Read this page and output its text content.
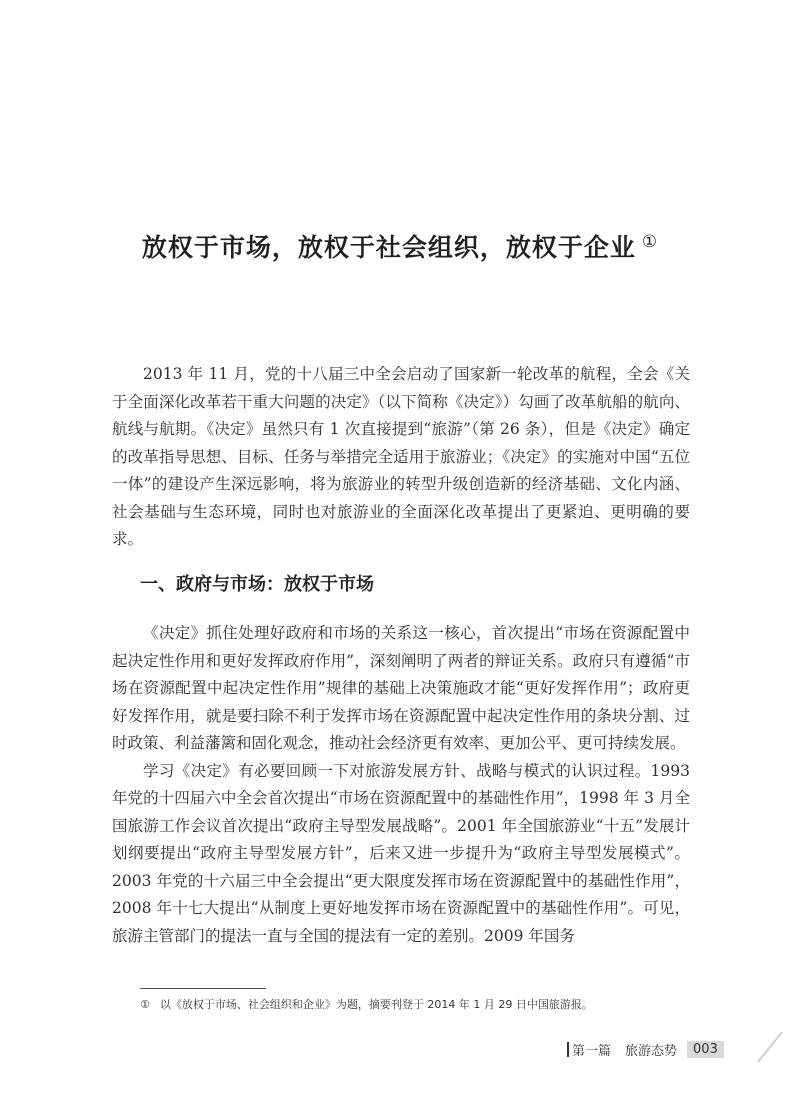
放权于市场，放权于社会组织，放权于企业 ①

2013 年 11 月，党的十八届三中全会启动了国家新一轮改革的航程，全会《关于全面深化改革若干重大问题的决定》（以下简称《决定》）勾画了改革航船的航向、航线与航期。《决定》虽然只有 1 次直接提到“旅游”（第 26 条），但是《决定》确定的改革指导思想、目标、任务与举措完全适用于旅游业；《决定》的实施对中国“五位一体”的建设产生深远影响，将为旅游业的转型升级创造新的经济基础、文化内涵、社会基础与生态环境，同时也对旅游业的全面深化改革提出了更紧迫、更明确的要求。

一、政府与市场：放权于市场

《决定》抓住处理好政府和市场的关系这一核心，首次提出“市场在资源配置中起决定性作用和更好发挥政府作用”，深刻阐明了两者的辩证关系。政府只有遵循“市场在资源配置中起决定性作用”规律的基础上决策施政才能“更好发挥作用”；政府更好发挥作用，就是要扫除不利于发挥市场在资源配置中起决定性作用的条块分割、过时政策、利益藩篱和固化观念，推动社会经济更有效率、更加公平、更可持续发展。

学习《决定》有必要回顾一下对旅游发展方针、战略与模式的认识过程。1993 年党的十四届六中全会首次提出“市场在资源配置中的基础性作用”，1998 年 3 月全国旅游工作会议首次提出“政府主导型发展战略”。2001 年全国旅游业“十五”发展计划纲要提出“政府主导型发展方针”，后来又进一步提升为“政府主导型发展模式”。2003 年党的十六届三中全会提出“更大限度发挥市场在资源配置中的基础性作用”，2008 年十七大提出“从制度上更好地发挥市场在资源配置中的基础性作用”。可见，旅游主管部门的提法一直与全国的提法有一定的差别。2009 年国务

① 以《放权于市场、社会组织和企业》为题，摘要刊登于 2014 年 1 月 29 日中国旅游报。
第一篇 旅游态势	003
